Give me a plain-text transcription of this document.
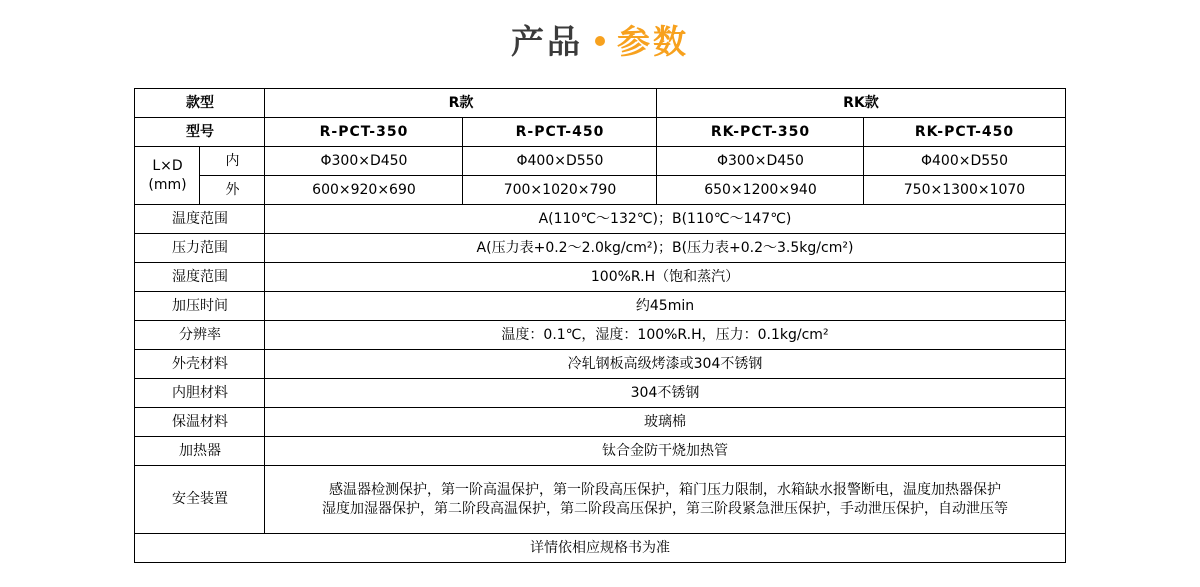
产品 参数
款型		R款		RK款	
型号		R-PCT-350	R-PCT-450	RK-PCT-350	RK-PCT-450

L×D
(mm)	内	Φ300×D450	Φ400×D550	Φ300×D450	Φ400×D550
	外	600×920×690	700×1020×790	650×1200×940	750×1300×1070
温度范围		A(110℃～132℃)；B(110℃～147℃)			
压力范围		A(压力表+0.2～2.0kg/cm²)；B(压力表+0.2～3.5kg/cm²)			
湿度范围		100%R.H（饱和蒸汽）			
加压时间		约45min			
分辨率		温度：0.1℃，湿度：100%R.H，压力：0.1kg/cm²			
外壳材料		冷轧钢板高级烤漆或304不锈钢			
内胆材料		304不锈钢			
保温材料		玻璃棉			
加热器		钛合金防干烧加热管			
安全装置		感温器检测保护，第一阶高温保护，第一阶段高压保护，箱门压力限制，水箱缺水报警断电，温度加热器保护
湿度加湿器保护，第二阶段高温保护，第二阶段高压保护，第三阶段紧急泄压保护，手动泄压保护，自动泄压等			

详情依相应规格书为准					
